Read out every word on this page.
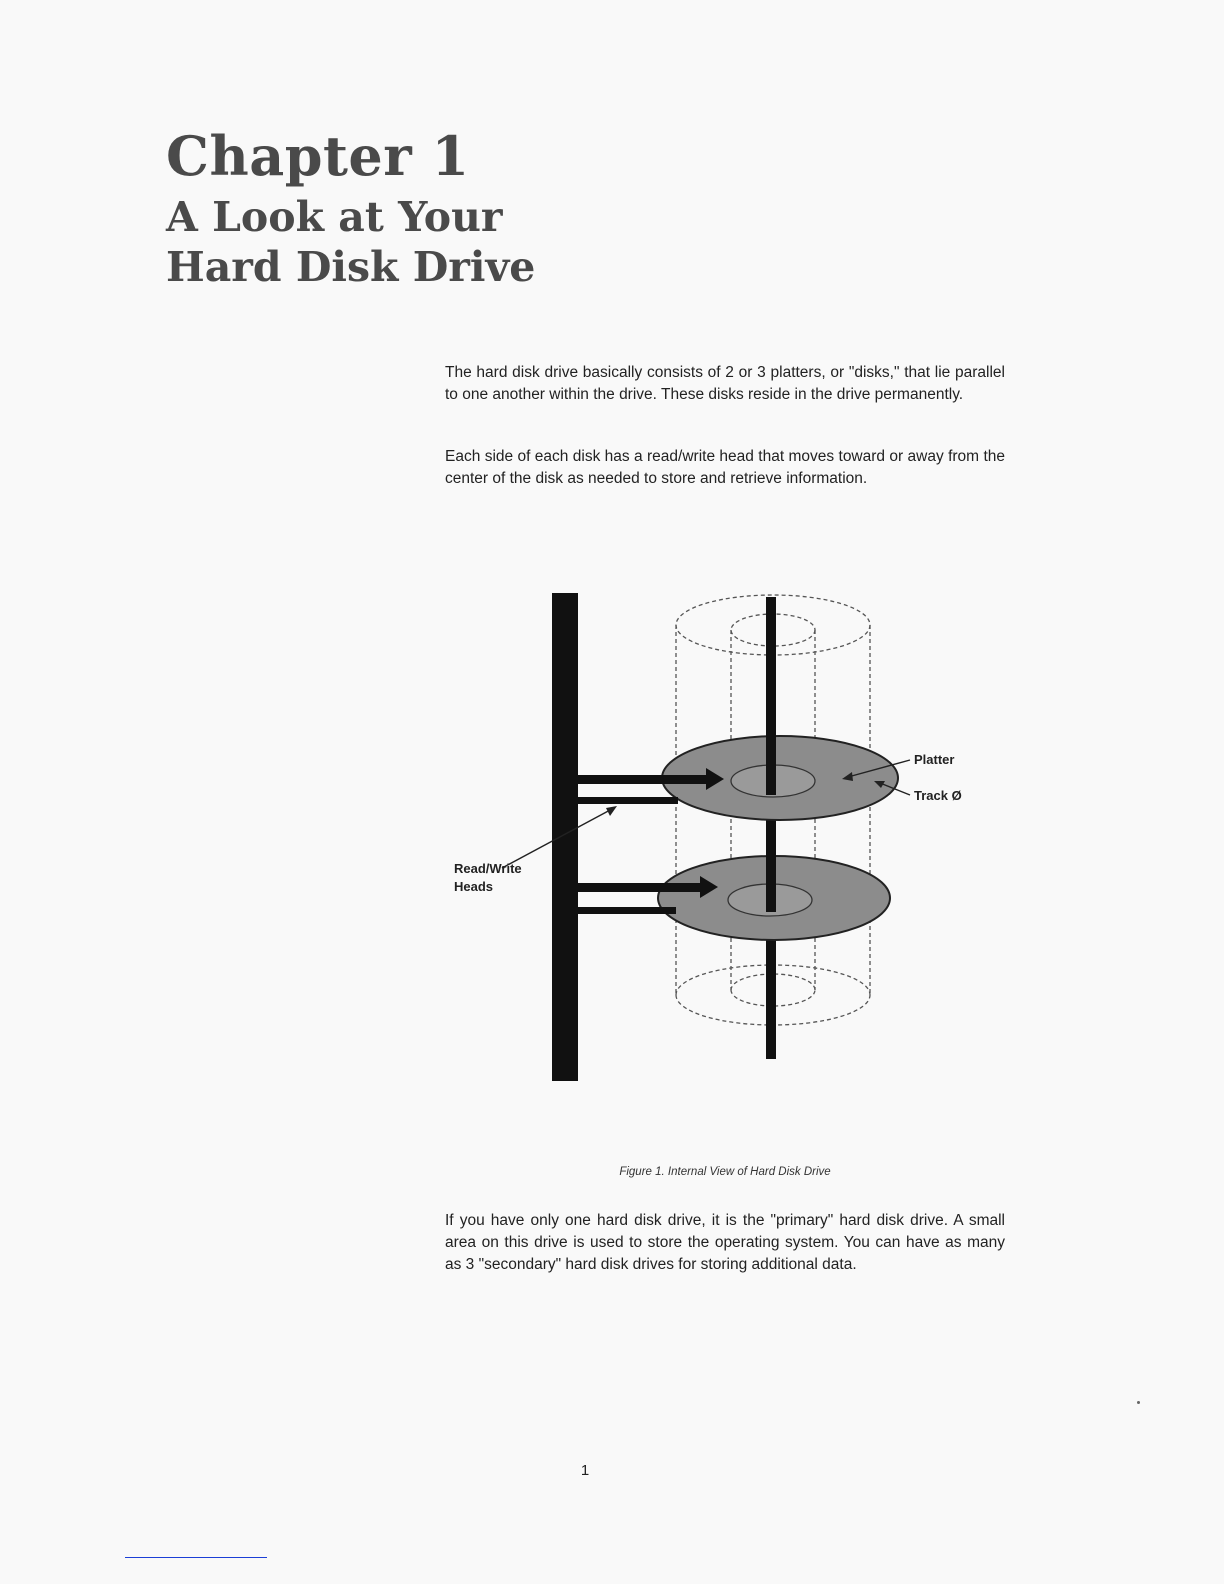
Chapter 1
A Look at Your Hard Disk Drive

The hard disk drive basically consists of 2 or 3 platters, or "disks," that lie parallel to one another within the drive. These disks reside in the drive permanently.

Each side of each disk has a read/write head that moves toward or away from the center of the disk as needed to store and retrieve information.

Platter
Track Ø
Read/Write
Heads
Figure 1. Internal View of Hard Disk Drive

If you have only one hard disk drive, it is the "primary" hard disk drive. A small area on this drive is used to store the operating system. You can have as many as 3 "secondary" hard disk drives for storing additional data.

1
